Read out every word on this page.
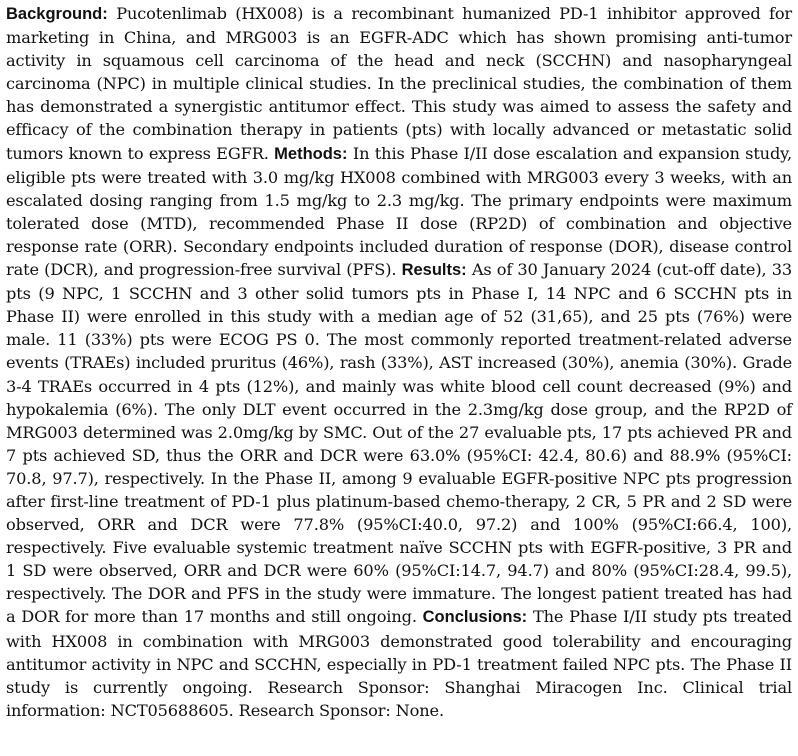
Background: Pucotenlimab (HX008) is a recombinant humanized PD-1 inhibitor approved for marketing in China, and MRG003 is an EGFR-ADC which has shown promising anti-tumor activity in squamous cell carcinoma of the head and neck (SCCHN) and nasopharyngeal carcinoma (NPC) in multiple clinical studies. In the preclinical studies, the combination of them has demonstrated a synergistic antitumor effect. This study was aimed to assess the safety and efficacy of the combination therapy in patients (pts) with locally advanced or metastatic solid tumors known to express EGFR. Methods: In this Phase I/II dose escalation and expansion study, eligible pts were treated with 3.0 mg/kg HX008 combined with MRG003 every 3 weeks, with an escalated dosing ranging from 1.5 mg/kg to 2.3 mg/kg. The primary endpoints were maximum tolerated dose (MTD), recommended Phase II dose (RP2D) of combination and objective response rate (ORR). Secondary endpoints included duration of response (DOR), disease control rate (DCR), and progression-free survival (PFS). Results: As of 30 January 2024 (cut-off date), 33 pts (9 NPC, 1 SCCHN and 3 other solid tumors pts in Phase I, 14 NPC and 6 SCCHN pts in Phase II) were enrolled in this study with a median age of 52 (31,65), and 25 pts (76%) were male. 11 (33%) pts were ECOG PS 0. The most commonly reported treatment-related adverse events (TRAEs) included pruritus (46%), rash (33%), AST increased (30%), anemia (30%). Grade 3-4 TRAEs occurred in 4 pts (12%), and mainly was white blood cell count decreased (9%) and hypokalemia (6%). The only DLT event occurred in the 2.3mg/kg dose group, and the RP2D of MRG003 determined was 2.0mg/kg by SMC. Out of the 27 evaluable pts, 17 pts achieved PR and 7 pts achieved SD, thus the ORR and DCR were 63.0% (95%CI: 42.4, 80.6) and 88.9% (95%CI: 70.8, 97.7), respectively. In the Phase II, among 9 evaluable EGFR-positive NPC pts progression after first-line treatment of PD-1 plus platinum-based chemo-therapy, 2 CR, 5 PR and 2 SD were observed, ORR and DCR were 77.8% (95%CI:40.0, 97.2) and 100% (95%CI:66.4, 100), respectively. Five evaluable systemic treatment naïve SCCHN pts with EGFR-positive, 3 PR and 1 SD were observed, ORR and DCR were 60% (95%CI:14.7, 94.7) and 80% (95%CI:28.4, 99.5), respectively. The DOR and PFS in the study were immature. The longest patient treated has had a DOR for more than 17 months and still ongoing. Conclusions: The Phase I/II study pts treated with HX008 in combination with MRG003 demonstrated good tolerability and encouraging antitumor activity in NPC and SCCHN, especially in PD-1 treatment failed NPC pts. The Phase II study is currently ongoing. Research Sponsor: Shanghai Miracogen Inc. Clinical trial information: NCT05688605. Research Sponsor: None.
